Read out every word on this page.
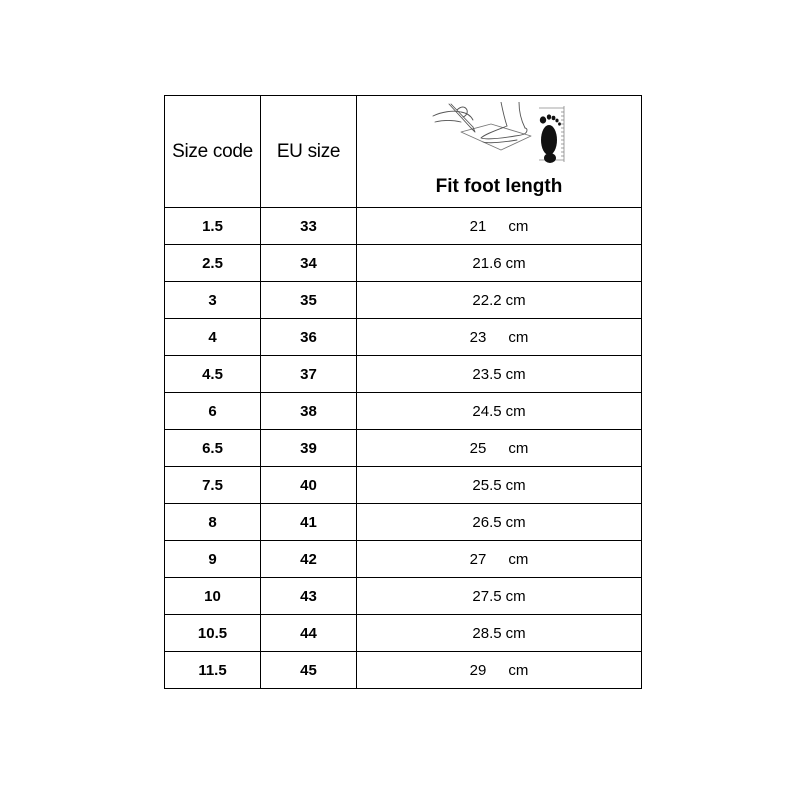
Size code	EU size	Fit foot length

1.5	33	21 cm
2.5	34	21.6 cm
3	35	22.2 cm
4	36	23 cm
4.5	37	23.5 cm
6	38	24.5 cm
6.5	39	25 cm
7.5	40	25.5 cm
8	41	26.5 cm
9	42	27 cm
10	43	27.5 cm
10.5	44	28.5 cm
11.5	45	29 cm
